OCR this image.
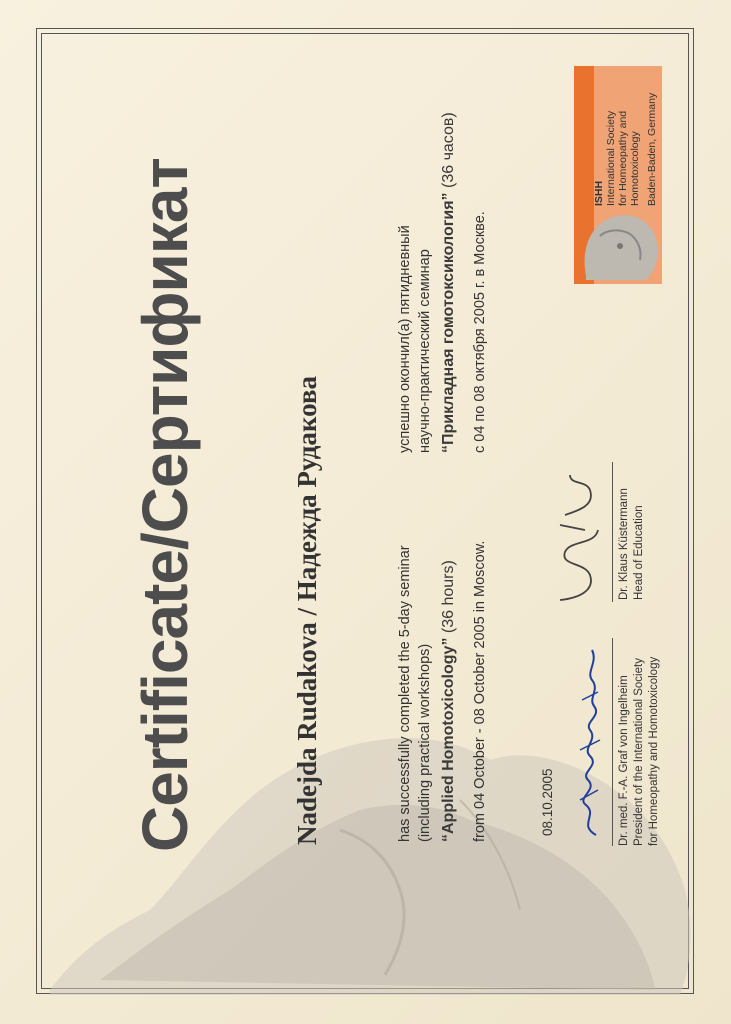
Certificate/Сертификат	Nadejda Rudakova / Надежда Рудакова	has successfully completed the 5-day seminar (including practical workshops) “Applied Homotoxicology” (36 hours) from 04 October - 08 October 2005 in Moscow.
успешно окончил(а) пятидневный научно-практический семинар “Прикладная гомотоксикология” (36 часов)
с 04 по 08 октября 2005 г. в Москве.
08.10.2005	Dr. med. F.-A. Graf von Ingelheim President of the International Society for Homeopathy and Homotoxicology
Dr. Klaus Küstermann Head of Education
ISHH International Society for Homeopathy and Homotoxicology Baden-Baden, Germany
